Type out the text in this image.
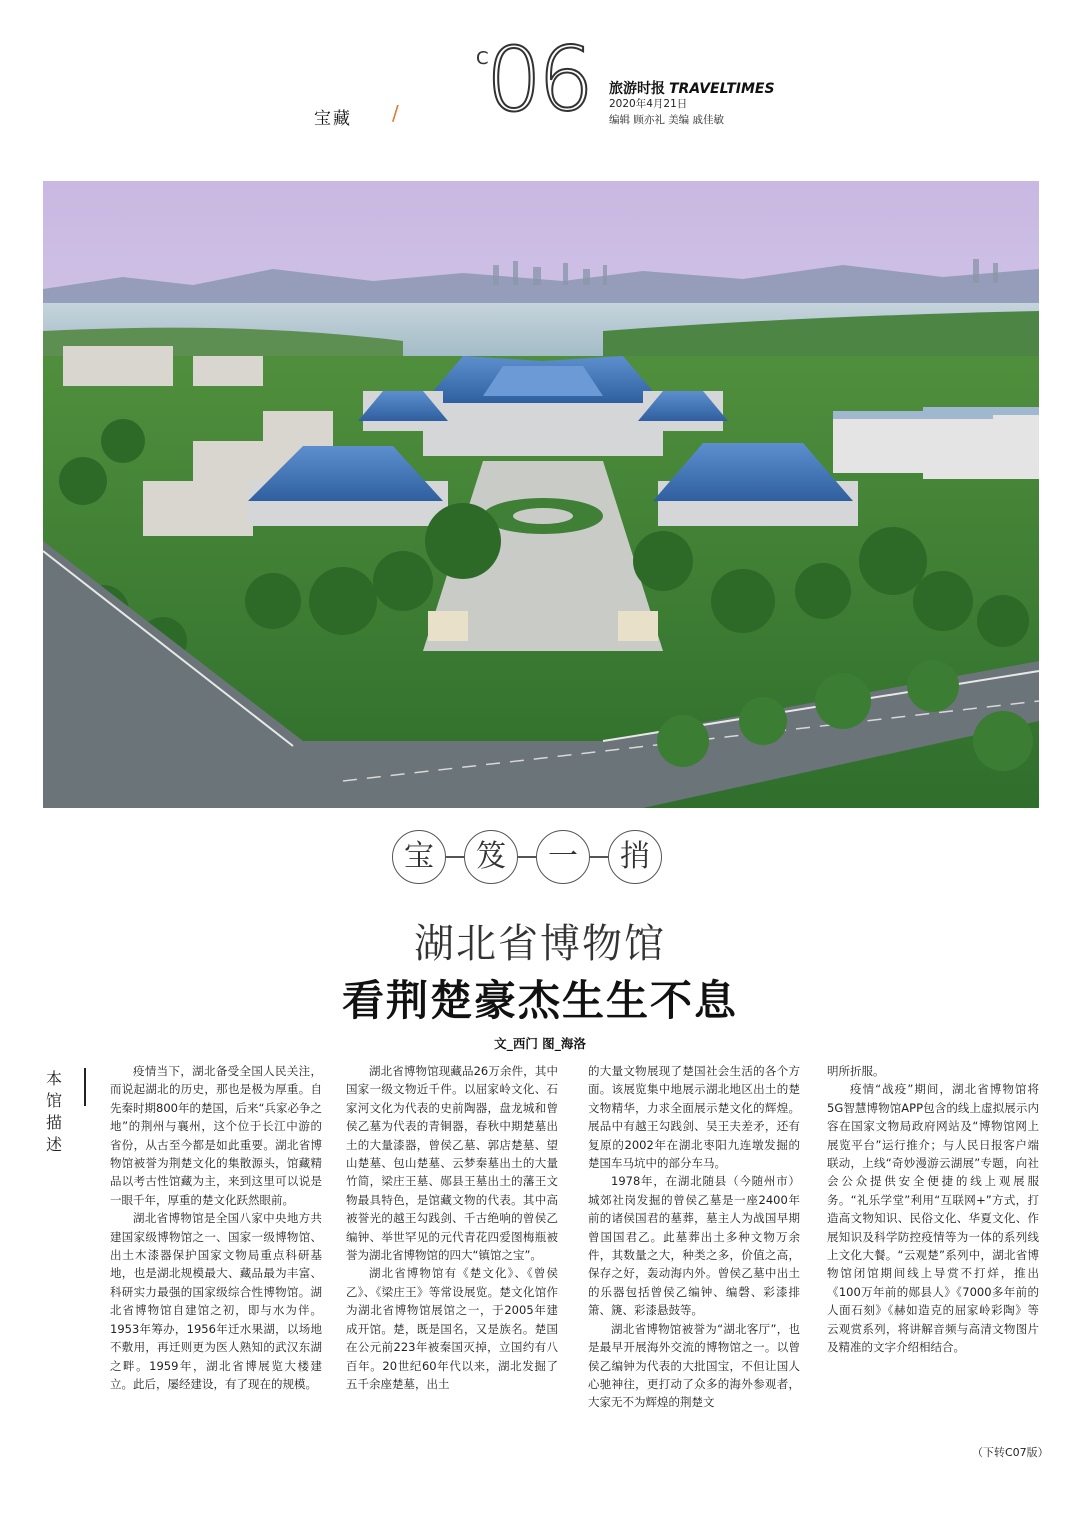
宝藏 /
C
06 旅游时报 TRAVELTIMES
2020年4月21日
编辑 顾亦礼 美编 戚佳敏
宝	笈	一	捎
湖北省博物馆
看荆楚豪杰生生不息
文_西门 图_海洛
本
馆
描
述

疫情当下，湖北备受全国人民关注，而说起湖北的历史，那也是极为厚重。自先秦时期800年的楚国，后来“兵家必争之地”的荆州与襄州，这个位于长江中游的省份，从古至今都是如此重要。湖北省博物馆被誉为荆楚文化的集散源头，馆藏精品以考古性馆藏为主，来到这里可以说是一眼千年，厚重的楚文化跃然眼前。

湖北省博物馆是全国八家中央地方共建国家级博物馆之一、国家一级博物馆、出土木漆器保护国家文物局重点科研基地，也是湖北规模最大、藏品最为丰富、科研实力最强的国家级综合性博物馆。湖北省博物馆自建馆之初，即与水为伴。1953年筹办，1956年迁水果湖，以场地不敷用，再迁则更为医人熟知的武汉东湖之畔。1959年，湖北省博展览大楼建立。此后，屡经建设，有了现在的规模。

湖北省博物馆现藏品26万余件，其中国家一级文物近千件。以屈家岭文化、石家河文化为代表的史前陶器，盘龙城和曾侯乙墓为代表的青铜器，春秋中期楚墓出土的大量漆器，曾侯乙墓、郭店楚墓、望山楚墓、包山楚墓、云梦秦墓出土的大量竹简，梁庄王墓、郧县王墓出土的藩王文物最具特色，是馆藏文物的代表。其中高被誉光的越王勾践剑、千古绝响的曾侯乙编钟、举世罕见的元代青花四爱图梅瓶被誉为湖北省博物馆的四大“镇馆之宝”。

湖北省博物馆有《楚文化》、《曾侯乙》、《梁庄王》等常设展览。楚文化馆作为湖北省博物馆展馆之一，于2005年建成开馆。楚，既是国名，又是族名。楚国在公元前223年被秦国灭掉，立国约有八百年。20世纪60年代以来，湖北发掘了五千余座楚墓，出土

的大量文物展现了楚国社会生活的各个方面。该展览集中地展示湖北地区出土的楚文物精华，力求全面展示楚文化的辉煌。展品中有越王勾践剑、吴王夫差矛，还有复原的2002年在湖北枣阳九连墩发掘的楚国车马坑中的部分车马。

1978年，在湖北随县（今随州市）城郊社岗发掘的曾侯乙墓是一座2400年前的诸侯国君的墓葬，墓主人为战国早期曾国国君乙。此墓葬出土多种文物万余件，其数量之大，种类之多，价值之高，保存之好，轰动海内外。曾侯乙墓中出土的乐器包括曾侯乙编钟、编磬、彩漆排箫、篪、彩漆悬鼓等。

湖北省博物馆被誉为“湖北客厅”，也是最早开展海外交流的博物馆之一。以曾侯乙编钟为代表的大批国宝，不但让国人心驰神往，更打动了众多的海外参观者，大家无不为辉煌的荆楚文

明所折服。

疫情“战疫”期间，湖北省博物馆将5G智慧博物馆APP包含的线上虚拟展示内容在国家文物局政府网站及“博物馆网上展览平台”运行推介；与人民日报客户端联动，上线“奇妙漫游云湖展”专题，向社会公众提供安全便捷的线上观展服务。“礼乐学堂”利用“互联网+”方式，打造高文物知识、民俗文化、华夏文化、作展知识及科学防控疫情等为一体的系列线上文化大餐。“云观楚”系列中，湖北省博物馆闭馆期间线上导赏不打烊，推出《100万年前的郧县人》《7000多年前的人面石刻》《赫如造克的屈家岭彩陶》等云观赏系列，将讲解音频与高清文物图片及精准的文字介绍相结合。

（下转C07版）
